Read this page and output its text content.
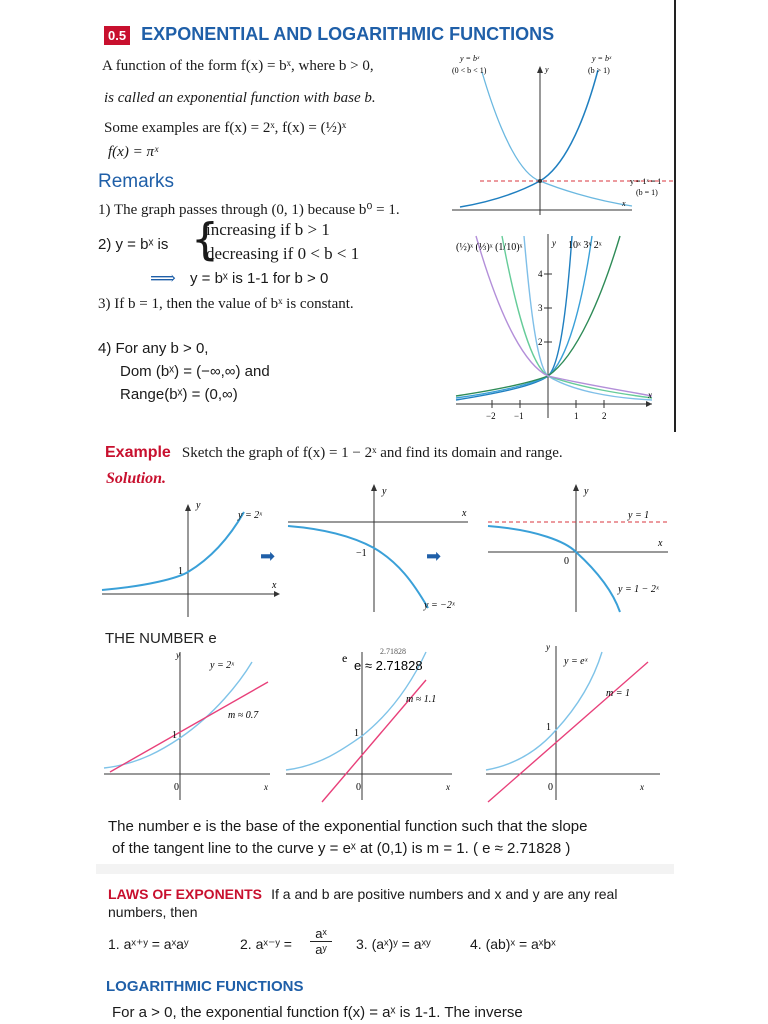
0.5 EXPONENTIAL AND LOGARITHMIC FUNCTIONS
A function of the form f(x) = bˣ, where b > 0,
is called an exponential function with base b.
Some examples are f(x) = 2ˣ, f(x) = (½)ˣ
f(x) = πˣ
Remarks
1) The graph passes through (0, 1) because b⁰ = 1.
2) y = bˣ is {
increasing if b > 1
decreasing if 0 < b < 1
⟹ y = bˣ is 1-1 for b > 0
3) If b = 1, then the value of bˣ is constant.
4) For any b > 0,
Dom (bˣ) = (−∞,∞) and
Range(bˣ) = (0,∞)
y = bˣ
(0 < b < 1)
y = bˣ
(b > 1)
y
x
y = 1ˣ = 1
(b = 1)
(½)ˣ (⅓)ˣ (1/10)ˣ	y 10ˣ 3ˣ 2ˣ
x
4
3
2
−2 −1	1	2
Example Sketch the graph of f(x) = 1 − 2ˣ and find its domain and range.
Solution.
y
y = 2ˣ
1
x
➡
y
x
−1
y = −2ˣ
➡
y
y = 1
x
0
y = 1 − 2ˣ
THE NUMBER e
y
y = 2ˣ
m ≈ 0.7
1
0	x
e	2.71828
e ≈ 2.71828
m ≈ 1.1
1
0	x
y
y = eˣ
m = 1
1
0	x
The number e is the base of the exponential function such that the slope
of the tangent line to the curve y = eˣ at (0,1) is m = 1. ( e ≈ 2.71828 )
LAWS OF EXPONENTS If a and b are positive numbers and x and y are any real
numbers, then
1. aˣ⁺ʸ = aˣaʸ	2. aˣ⁻ʸ = $\frac{\text{aˣ}}{\text{aʸ}} 3$. (aˣ)ʸ = aˣʸ	4. (ab)ˣ = aˣbˣ
LOGARITHMIC FUNCTIONS
For a > 0, the exponential function f(x) = aˣ is 1-1. The inverse
